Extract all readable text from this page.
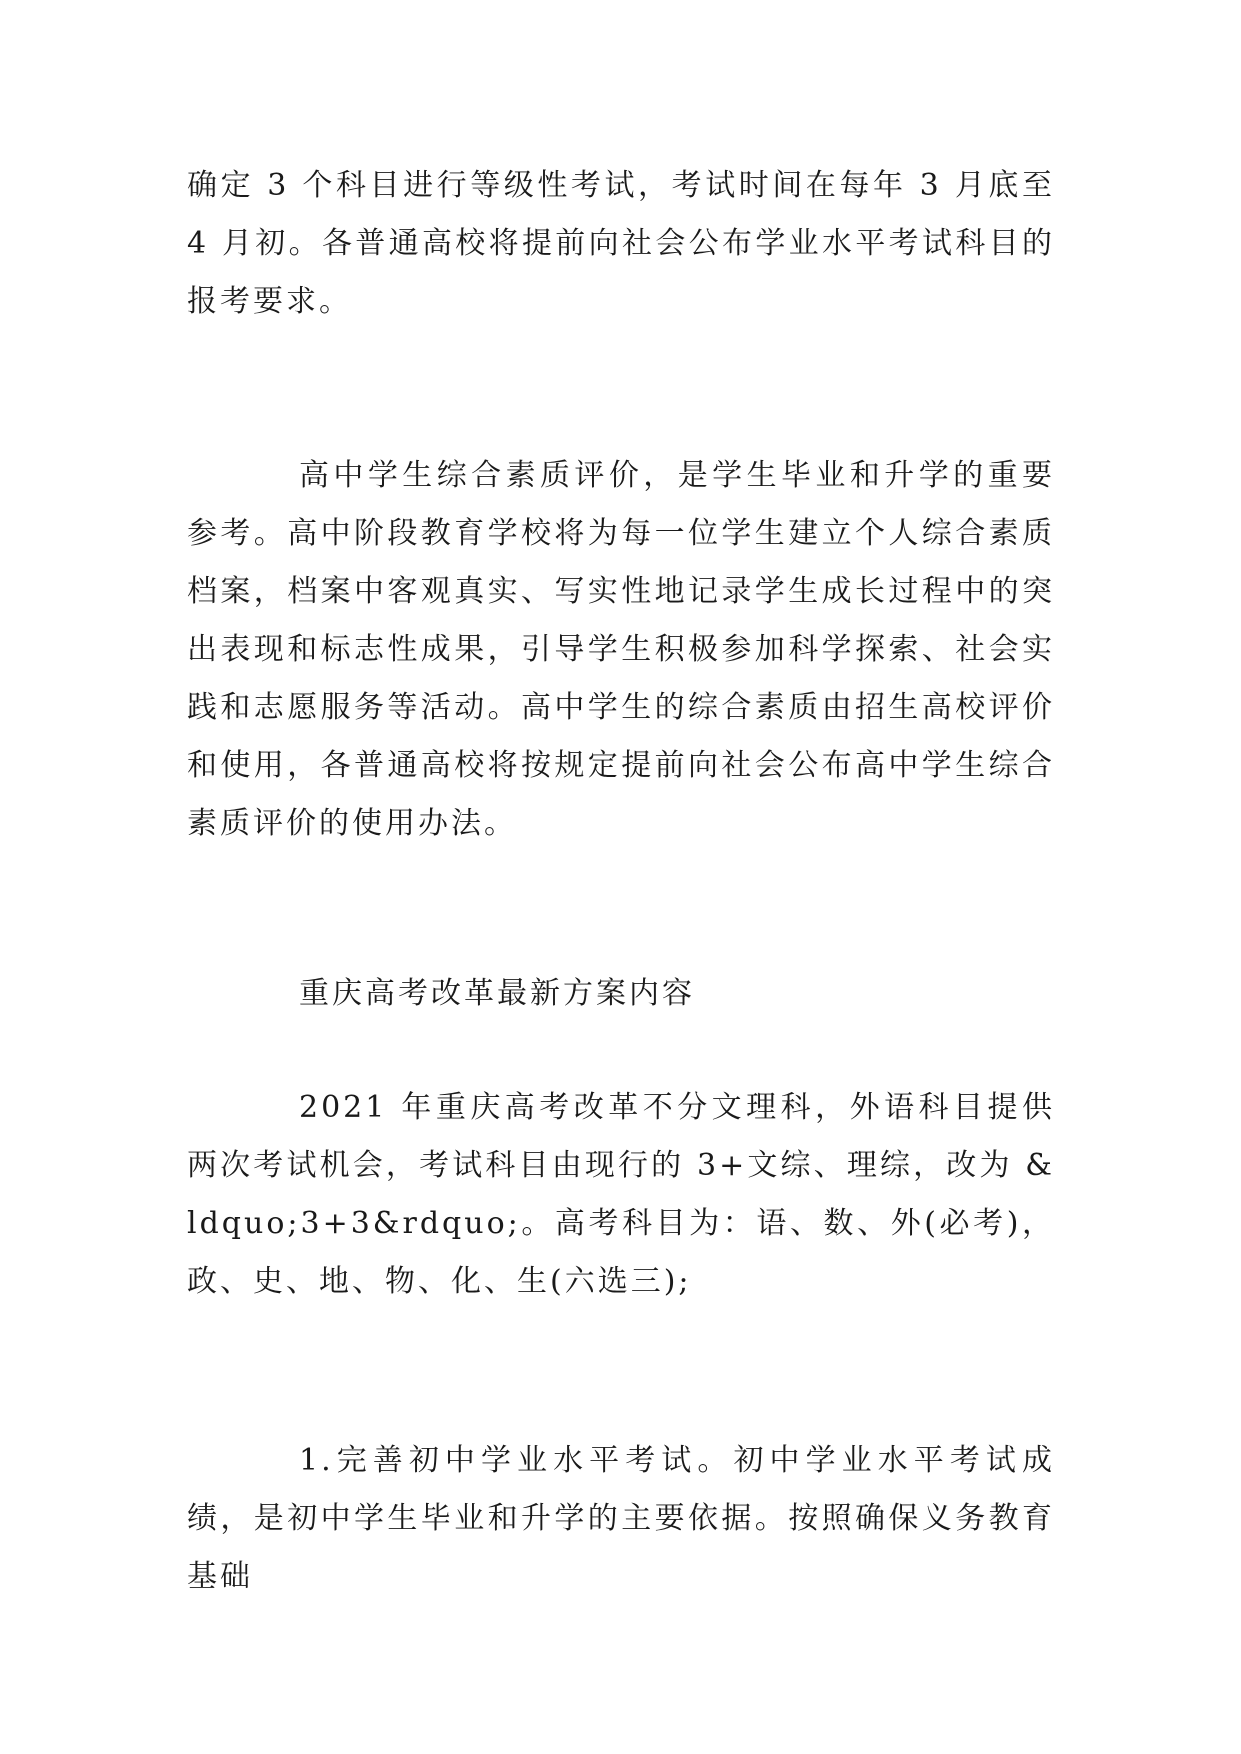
确定 3 个科目进行等级性考试，考试时间在每年 3 月底至 4 月初。各普通高校将提前向社会公布学业水平考试科目的报考要求。

高中学生综合素质评价，是学生毕业和升学的重要参考。高中阶段教育学校将为每一位学生建立个人综合素质档案，档案中客观真实、写实性地记录学生成长过程中的突出表现和标志性成果，引导学生积极参加科学探索、社会实践和志愿服务等活动。高中学生的综合素质由招生高校评价和使用，各普通高校将按规定提前向社会公布高中学生综合素质评价的使用办法。

重庆高考改革最新方案内容

2021 年重庆高考改革不分文理科，外语科目提供两次考试机会，考试科目由现行的 3+文综、理综，改为 &ldquo;3+3&rdquo;。高考科目为：语、数、外(必考)，政、史、地、物、化、生(六选三);

1.完善初中学业水平考试。初中学业水平考试成绩，是初中学生毕业和升学的主要依据。按照确保义务教育基础
